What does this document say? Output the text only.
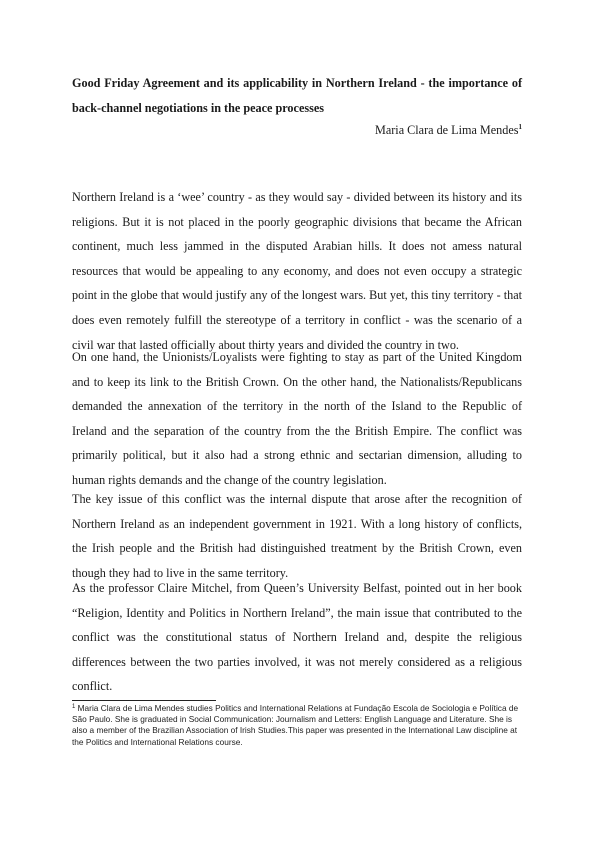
Good Friday Agreement and its applicability in Northern Ireland - the importance of back-channel negotiations in the peace processes

Maria Clara de Lima Mendes$^1$

Northern Ireland is a ‘wee’ country - as they would say - divided between its history and its religions. But it is not placed in the poorly geographic divisions that became the African continent, much less jammed in the disputed Arabian hills. It does not amess natural resources that would be appealing to any economy, and does not even occupy a strategic point in the globe that would justify any of the longest wars. But yet, this tiny territory - that does even remotely fulfill the stereotype of a territory in conflict - was the scenario of a civil war that lasted officially about thirty years and divided the country in two.

On one hand, the Unionists/Loyalists were fighting to stay as part of the United Kingdom and to keep its link to the British Crown. On the other hand, the Nationalists/Republicans demanded the annexation of the territory in the north of the Island to the Republic of Ireland and the separation of the country from the the British Empire. The conflict was primarily political, but it also had a strong ethnic and sectarian dimension, alluding to human rights demands and the change of the country legislation.

The key issue of this conflict was the internal dispute that arose after the recognition of Northern Ireland as an independent government in 1921. With a long history of conflicts, the Irish people and the British had distinguished treatment by the British Crown, even though they had to live in the same territory.

As the professor Claire Mitchel, from Queen’s University Belfast, pointed out in her book “Religion, Identity and Politics in Northern Ireland”, the main issue that contributed to the conflict was the constitutional status of Northern Ireland and, despite the religious differences between the two parties involved, it was not merely considered as a religious conflict.

$^1$ Maria Clara de Lima Mendes studies Politics and International Relations at Fundação Escola de Sociologia e Política de São Paulo. She is graduated in Social Communication: Journalism and Letters: English Language and Literature. She is also a member of the Brazilian Association of Irish Studies.This paper was presented in the International Law discipline at the Politics and International Relations course.
